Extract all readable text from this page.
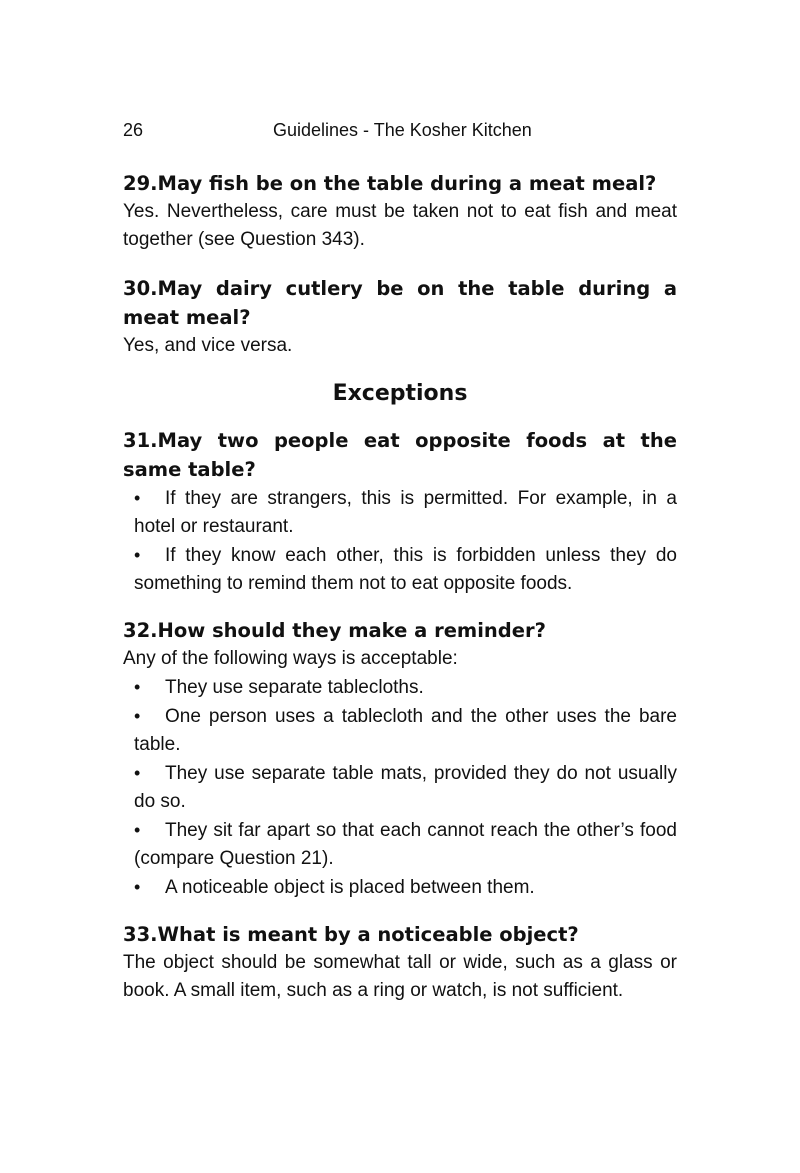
26	Guidelines - The Kosher Kitchen
29.May fish be on the table during a meat meal?

Yes. Nevertheless, care must be taken not to eat fish and meat together (see Question 343).

30.May dairy cutlery be on the table during a meat meal?

Yes, and vice versa.

Exceptions
31.May two people eat opposite foods at the same table?
• If they are strangers, this is permitted. For example, in a hotel or restaurant.
• If they know each other, this is forbidden unless they do something to remind them not to eat opposite foods.
32.How should they make a reminder?

Any of the following ways is acceptable:

• They use separate tablecloths.
• One person uses a tablecloth and the other uses the bare table.
• They use separate table mats, provided they do not usually do so.
• They sit far apart so that each cannot reach the other’s food (compare Question 21).
• A noticeable object is placed between them.
33.What is meant by a noticeable object?

The object should be somewhat tall or wide, such as a glass or book. A small item, such as a ring or watch, is not sufficient.
